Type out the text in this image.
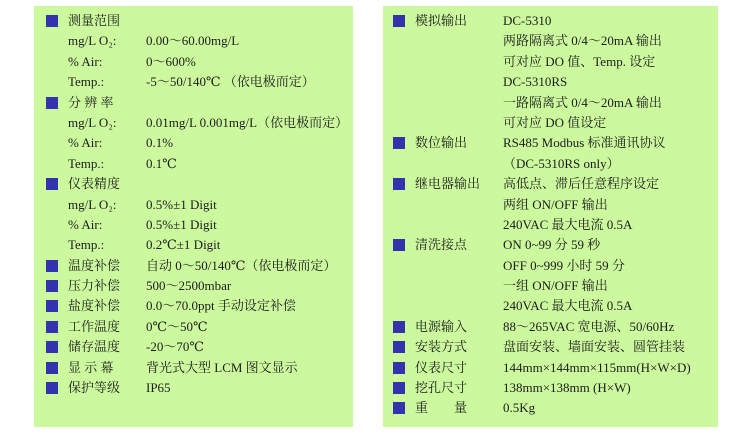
测量范围
mg/L O₂:	0.00～60.00mg/L
% Air:	0～600%
Temp.:	-5～50/140℃ （依电极而定）
分 辨 率
mg/L O₂:	0.01mg/L 0.001mg/L（依电极而定）
% Air:	0.1%
Temp.:	0.1℃
仪表精度
mg/L O₂:	0.5%±1 Digit
% Air:	0.5%±1 Digit
Temp.:	0.2℃±1 Digit
温度补偿	自动 0～50/140℃（依电极而定）
压力补偿	500～2500mbar
盐度补偿	0.0～70.0ppt 手动设定补偿
工作温度	0℃～50℃
储存温度	-20～70℃
显 示 幕	背光式大型 LCM 图文显示
保护等级	IP65
模拟输出	DC-5310
两路隔离式 0/4～20mA 输出
可对应 DO 值、Temp. 设定
DC-5310RS
一路隔离式 0/4～20mA 输出
可对应 DO 值设定
数位输出	RS485 Modbus 标准通讯协议
（DC-5310RS only）
继电器输出	高低点、滞后任意程序设定
两组 ON/OFF 输出
240VAC 最大电流 0.5A
清洗接点	ON 0~99 分 59 秒
OFF 0~999 小时 59 分
一组 ON/OFF 输出
240VAC 最大电流 0.5A
电源输入	88～265VAC 宽电源、50/60Hz
安装方式	盘面安装、墙面安装、圆管挂装
仪表尺寸	144mm×144mm×115mm(H×W×D)
挖孔尺寸	138mm×138mm (H×W)
重　　量	0.5Kg
